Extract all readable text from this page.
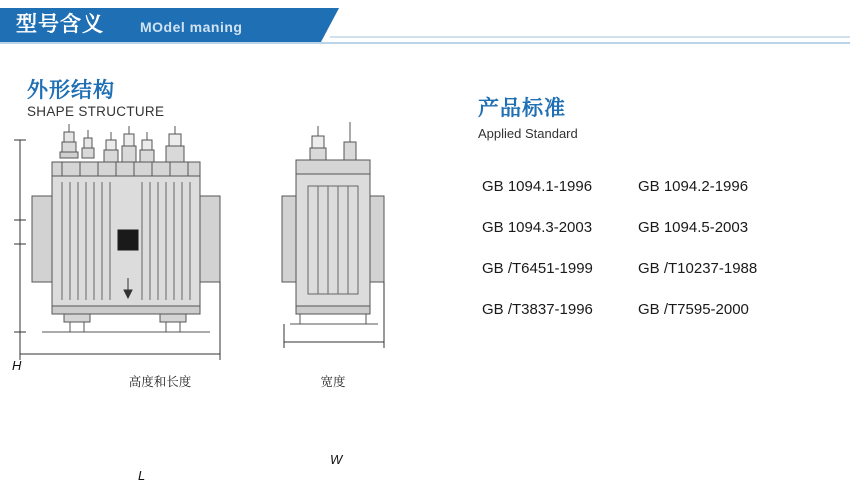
型号含义	MOdel maning
外形结构
SHAPE STRUCTURE
H
L
W
高度和长度	宽度
产品标准
Applied Standard
GB 1094.1-1996	GB 1094.2-1996
GB 1094.3-2003	GB 1094.5-2003
GB /T6451-1999	GB /T10237-1988
GB /T3837-1996	GB /T7595-2000
